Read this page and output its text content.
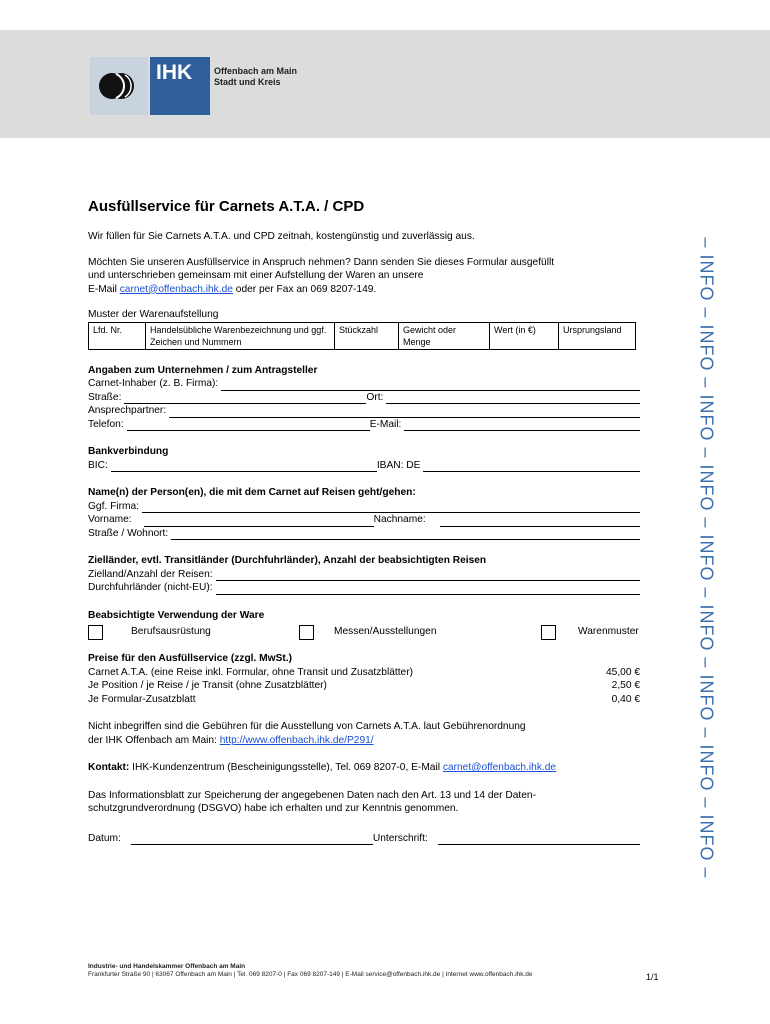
IHK	Offenbach am Main
Stadt und Kreis
– INFO – INFO – INFO – INFO – INFO – INFO – INFO – INFO – INFO –
Ausfüllservice für Carnets A.T.A. / CPD

Wir füllen für Sie Carnets A.T.A. und CPD zeitnah, kostengünstig und zuverlässig aus.

Möchten Sie unseren Ausfüllservice in Anspruch nehmen? Dann senden Sie dieses Formular ausgefüllt

und unterschrieben gemeinsam mit einer Aufstellung der Waren an unsere

E-Mail carnet@offenbach.ihk.de oder per Fax an 069 8207-149.

Muster der Warenaufstellung

Lfd. Nr.	Handelsübliche Warenbezeichnung und ggf. Zeichen und Nummern	Stückzahl	Gewicht oder Menge	Wert (in €)	Ursprungsland
Angaben zum Unternehmen / zum Antragsteller
Carnet-Inhaber (z. B. Firma):
Straße:	Ort:
Ansprechpartner:
Telefon:	E-Mail:
Bankverbindung
BIC:	IBAN: DE
Name(n) der Person(en), die mit dem Carnet auf Reisen geht/gehen:
Ggf. Firma:
Vorname:	Nachname:
Straße / Wohnort:
Zielländer, evtl. Transitländer (Durchfuhrländer), Anzahl der beabsichtigten Reisen
Zielland/Anzahl der Reisen:
Durchfuhrländer (nicht-EU):
Beabsichtigte Verwendung der Ware
Berufsausrüstung	Messen/Ausstellungen	Warenmuster
Preise für den Ausfüllservice (zzgl. MwSt.)
Carnet A.T.A. (eine Reise inkl. Formular, ohne Transit und Zusatzblätter)	45,00 €
Je Position / je Reise / je Transit (ohne Zusatzblätter)	2,50 €
Je Formular-Zusatzblatt	0,40 €

Nicht inbegriffen sind die Gebühren für die Ausstellung von Carnets A.T.A. laut Gebührenordnung

der IHK Offenbach am Main: http://www.offenbach.ihk.de/P291/

Kontakt: IHK-Kundenzentrum (Bescheinigungsstelle), Tel. 069 8207-0, E-Mail carnet@offenbach.ihk.de

Das Informationsblatt zur Speicherung der angegebenen Daten nach den Art. 13 und 14 der Daten-

schutzgrundverordnung (DSGVO) habe ich erhalten und zur Kenntnis genommen.

Datum:	Unterschrift:
Industrie- und Handelskammer Offenbach am Main
Frankfurter Straße 90 | 63067 Offenbach am Main | Tel. 069 8207-0 | Fax 069 8207-149 | E-Mail service@offenbach.ihk.de | Internet www.offenbach.ihk.de	1/1
